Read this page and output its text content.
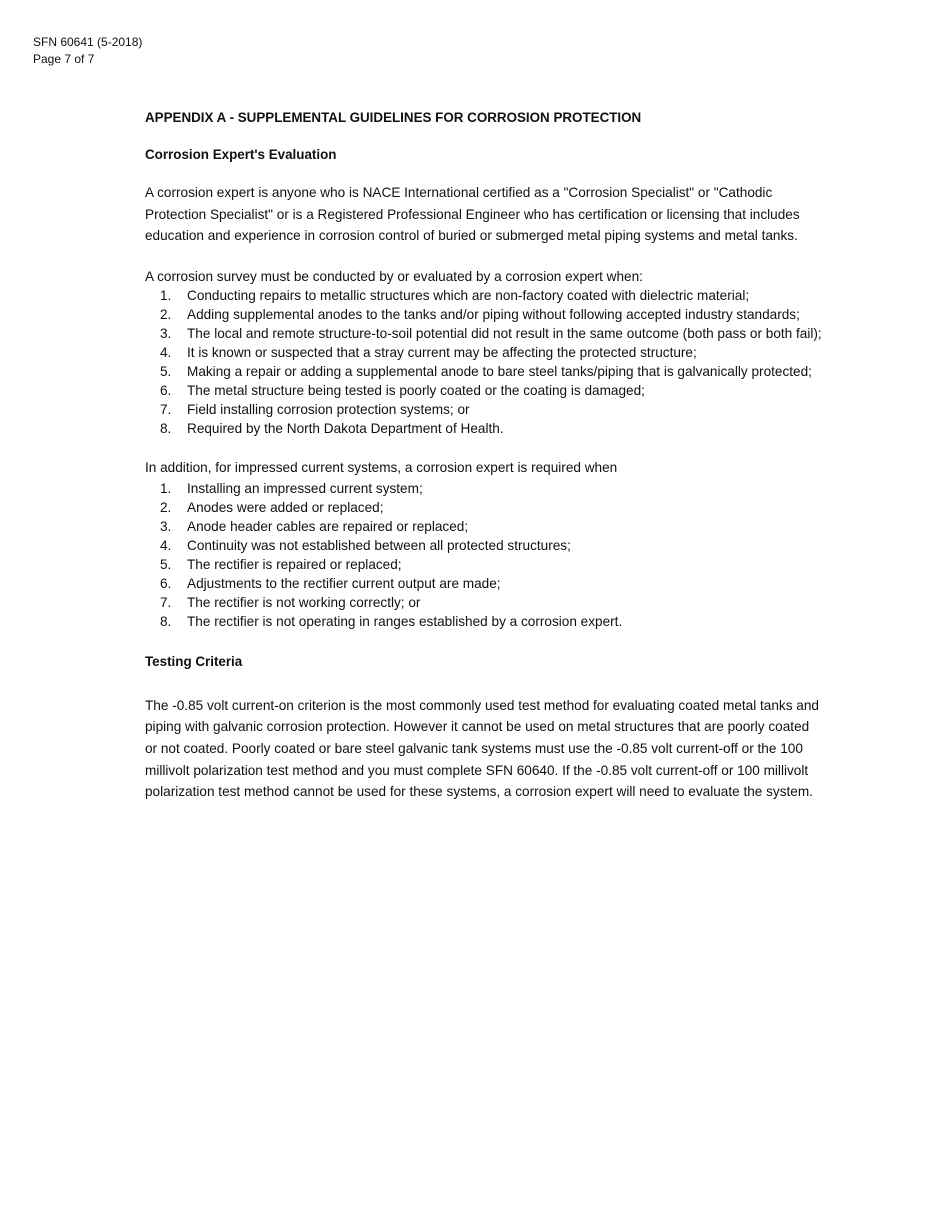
SFN 60641 (5-2018)
Page 7 of 7

APPENDIX A - SUPPLEMENTAL GUIDELINES FOR CORROSION PROTECTION

Corrosion Expert's Evaluation

A corrosion expert is anyone who is NACE International certified as a "Corrosion Specialist" or "Cathodic Protection Specialist" or is a Registered Professional Engineer who has certification or licensing that includes education and experience in corrosion control of buried or submerged metal piping systems and metal tanks.

A corrosion survey must be conducted by or evaluated by a corrosion expert when:

1. Conducting repairs to metallic structures which are non-factory coated with dielectric material;
2. Adding supplemental anodes to the tanks and/or piping without following accepted industry standards;
3. The local and remote structure-to-soil potential did not result in the same outcome (both pass or both fail);
4. It is known or suspected that a stray current may be affecting the protected structure;
5. Making a repair or adding a supplemental anode to bare steel tanks/piping that is galvanically protected;
6. The metal structure being tested is poorly coated or the coating is damaged;
7. Field installing corrosion protection systems; or
8. Required by the North Dakota Department of Health.

In addition, for impressed current systems, a corrosion expert is required when

1. Installing an impressed current system;
2. Anodes were added or replaced;
3. Anode header cables are repaired or replaced;
4. Continuity was not established between all protected structures;
5. The rectifier is repaired or replaced;
6. Adjustments to the rectifier current output are made;
7. The rectifier is not working correctly; or
8. The rectifier is not operating in ranges established by a corrosion expert.

Testing Criteria

The -0.85 volt current-on criterion is the most commonly used test method for evaluating coated metal tanks and piping with galvanic corrosion protection. However it cannot be used on metal structures that are poorly coated or not coated. Poorly coated or bare steel galvanic tank systems must use the -0.85 volt current-off or the 100 millivolt polarization test method and you must complete SFN 60640. If the -0.85 volt current-off or 100 millivolt polarization test method cannot be used for these systems, a corrosion expert will need to evaluate the system.
